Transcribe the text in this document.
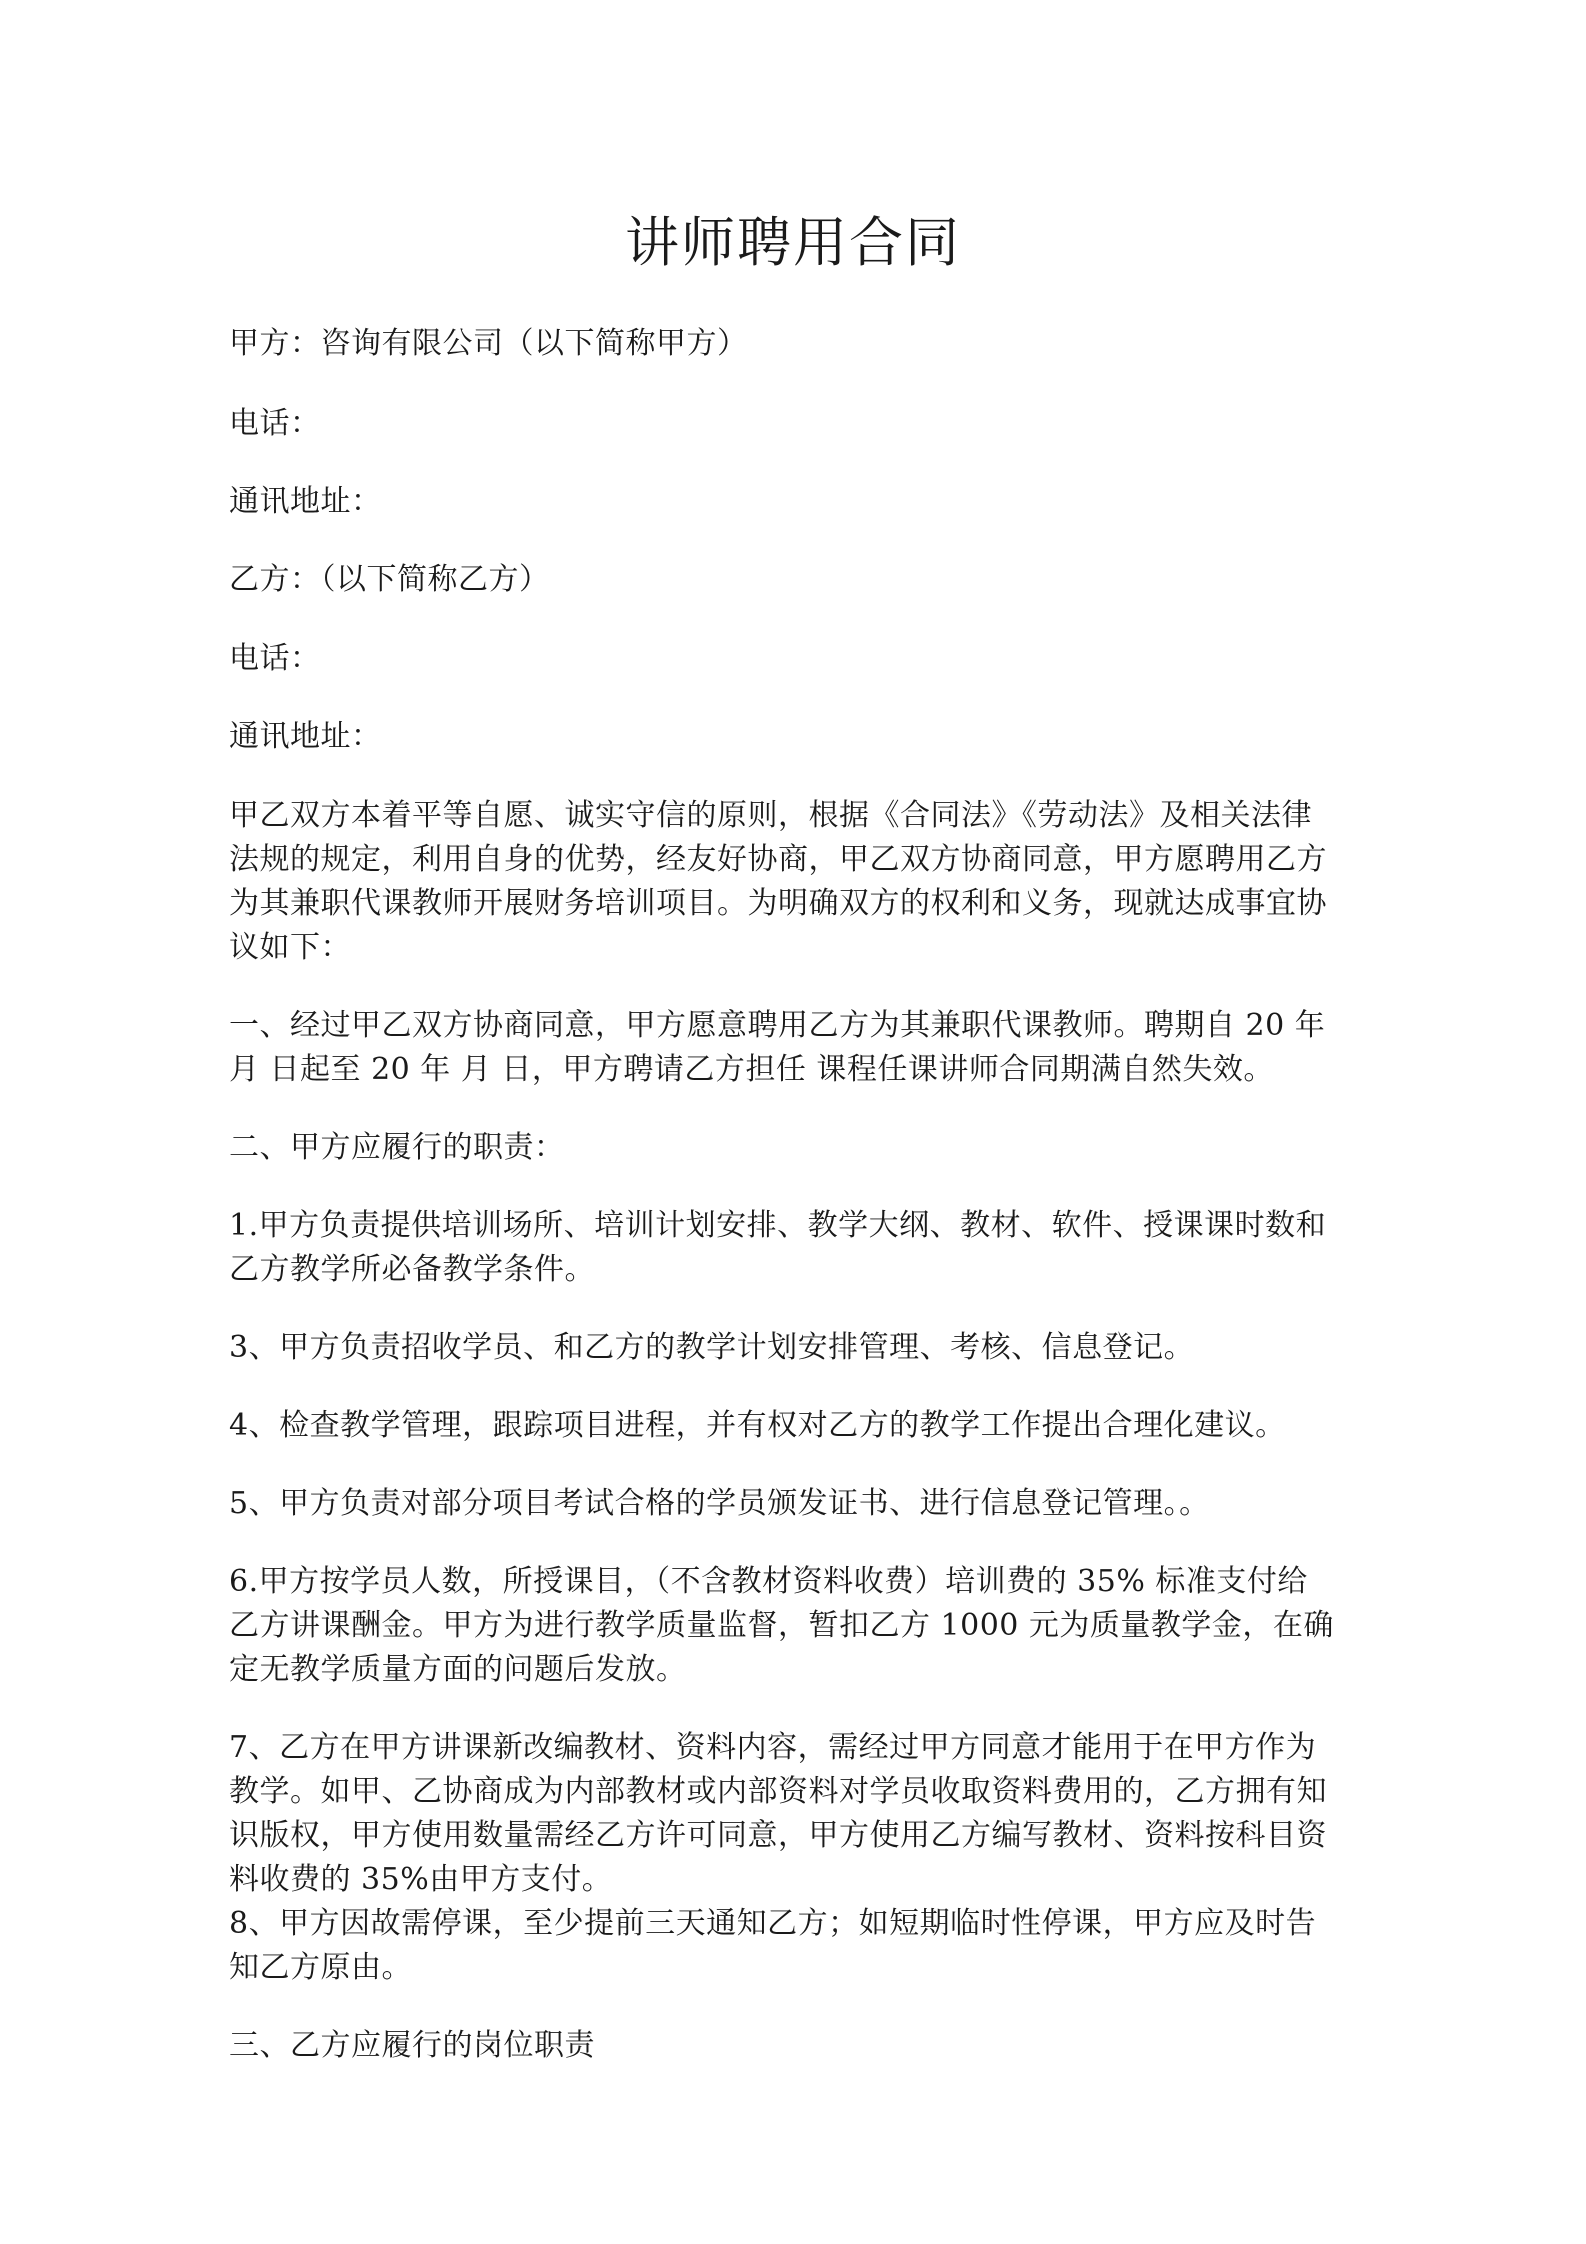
讲师聘用合同

甲方：咨询有限公司（以下简称甲方）

电话：

通讯地址：

乙方：（以下简称乙方）

电话：

通讯地址：

甲乙双方本着平等自愿、诚实守信的原则，根据《合同法》《劳动法》及相关法律

法规的规定，利用自身的优势，经友好协商，甲乙双方协商同意，甲方愿聘用乙方

为其兼职代课教师开展财务培训项目。为明确双方的权利和义务，现就达成事宜协

议如下：

一、经过甲乙双方协商同意，甲方愿意聘用乙方为其兼职代课教师。聘期自 20 年

月 日起至 20 年 月 日，甲方聘请乙方担任 课程任课讲师合同期满自然失效。

二、甲方应履行的职责：

1.甲方负责提供培训场所、培训计划安排、教学大纲、教材、软件、授课课时数和

乙方教学所必备教学条件。

3、甲方负责招收学员、和乙方的教学计划安排管理、考核、信息登记。

4、检查教学管理，跟踪项目进程，并有权对乙方的教学工作提出合理化建议。

5、甲方负责对部分项目考试合格的学员颁发证书、进行信息登记管理。。

6.甲方按学员人数，所授课目，（不含教材资料收费）培训费的 35% 标准支付给

乙方讲课酬金。甲方为进行教学质量监督，暂扣乙方 1000 元为质量教学金，在确

定无教学质量方面的问题后发放。

7、乙方在甲方讲课新改编教材、资料内容，需经过甲方同意才能用于在甲方作为

教学。如甲、乙协商成为内部教材或内部资料对学员收取资料费用的，乙方拥有知

识版权，甲方使用数量需经乙方许可同意，甲方使用乙方编写教材、资料按科目资

料收费的 35%由甲方支付。

8、甲方因故需停课，至少提前三天通知乙方；如短期临时性停课，甲方应及时告

知乙方原由。

三、乙方应履行的岗位职责
